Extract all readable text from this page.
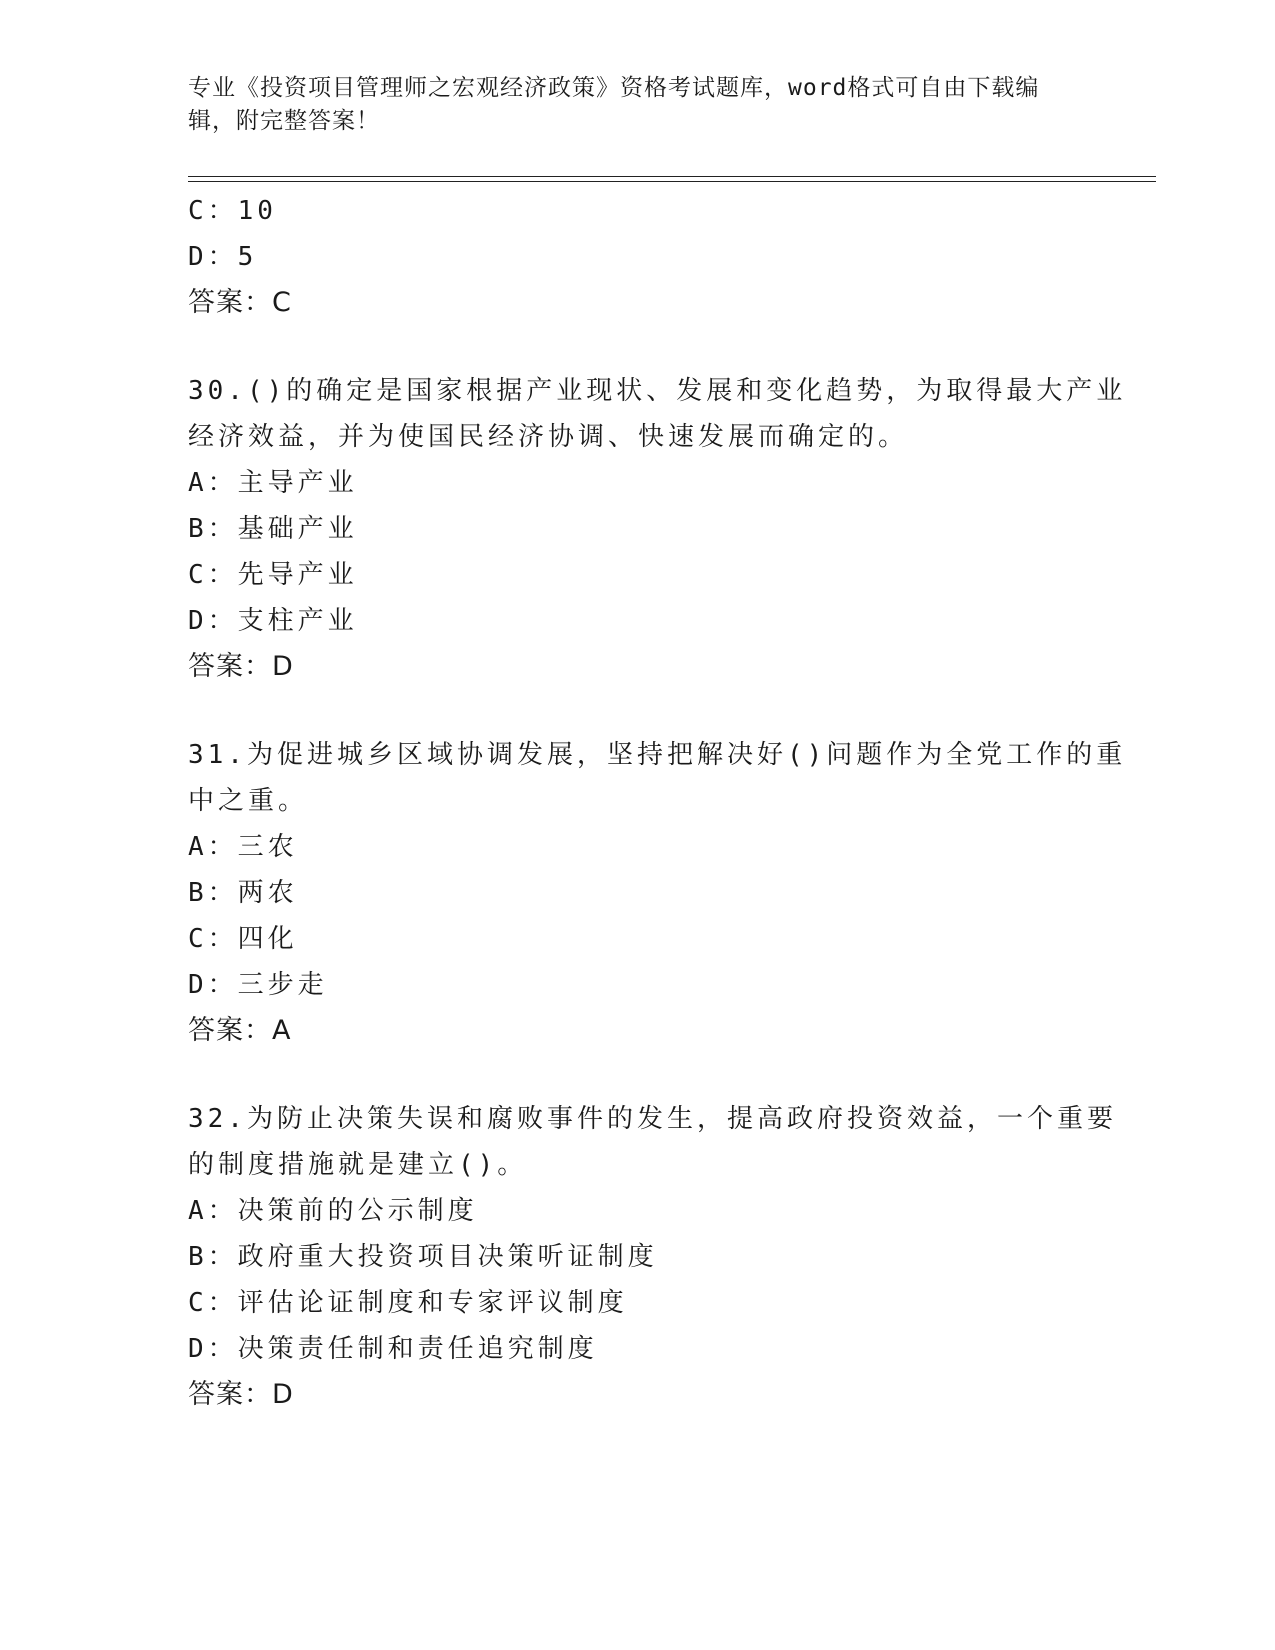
专业《投资项目管理师之宏观经济政策》资格考试题库，word格式可自由下载编
辑，附完整答案！
C：10
D：5
答案：C
30.()的确定是国家根据产业现状、发展和变化趋势，为取得最大产业
经济效益，并为使国民经济协调、快速发展而确定的。
A：主导产业
B：基础产业
C：先导产业
D：支柱产业
答案：D
31.为促进城乡区域协调发展，坚持把解决好()问题作为全党工作的重
中之重。
A：三农
B：两农
C：四化
D：三步走
答案：A
32.为防止决策失误和腐败事件的发生，提高政府投资效益，一个重要
的制度措施就是建立()。
A：决策前的公示制度
B：政府重大投资项目决策听证制度
C：评估论证制度和专家评议制度
D：决策责任制和责任追究制度
答案：D
